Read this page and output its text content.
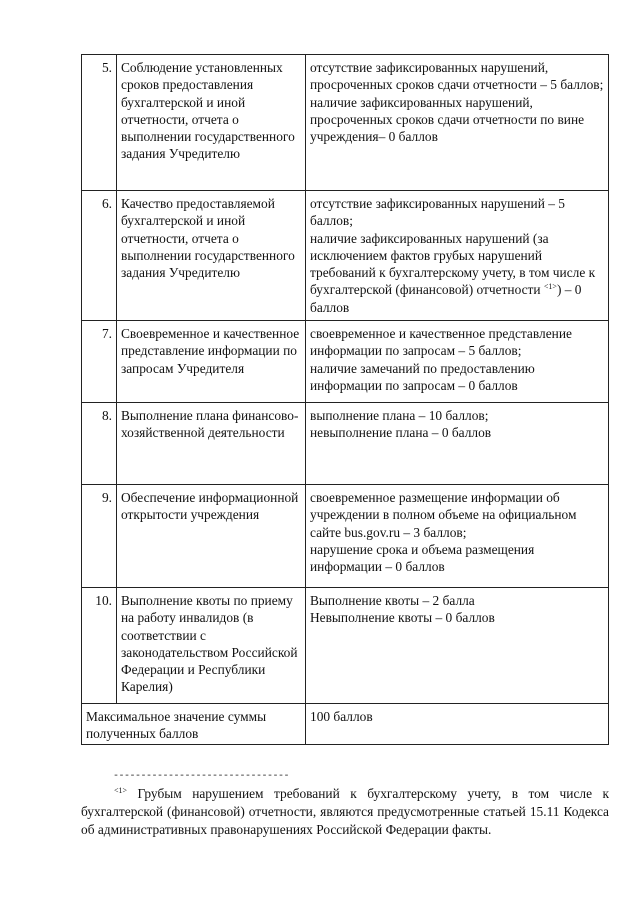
5.	Соблюдение установленных сроков предоставления бухгалтерской и иной отчетности, отчета о выполнении государственного задания Учредителю	отсутствие зафиксированных нарушений, просроченных сроков сдачи отчетности – 5 баллов;
наличие зафиксированных нарушений, просроченных сроков сдачи отчетности по вине учреждения– 0 баллов
6.	Качество предоставляемой бухгалтерской и иной отчетности, отчета о выполнении государственного задания Учредителю	отсутствие зафиксированных нарушений – 5 баллов;
наличие зафиксированных нарушений (за исключением фактов грубых нарушений требований к бухгалтерскому учету, в том числе к бухгалтерской (финансовой) отчетности $^{<1>}$) – 0 баллов
7.	Своевременное и качественное представление информации по запросам Учредителя	своевременное и качественное представление информации по запросам – 5 баллов;
наличие замечаний по предоставлению информации по запросам – 0 баллов
8.	Выполнение плана финансово-хозяйственной деятельности	выполнение плана – 10 баллов;
невыполнение плана – 0 баллов
9.	Обеспечение информационной открытости учреждения	своевременное размещение информации об учреждении в полном объеме на официальном сайте bus.gov.ru – 3 баллов;
нарушение срока и объема размещения информации – 0 баллов
10.	Выполнение квоты по приему на работу инвалидов (в соответствии с законодательством Российской Федерации и Республики Карелия)	Выполнение квоты – 2 балла
Невыполнение квоты – 0 баллов
Максимальное значение суммы полученных баллов		100 баллов
--------------------------------
$^{<1>}$ Грубым нарушением требований к бухгалтерскому учету, в том числе к бухгалтерской (финансовой) отчетности, являются предусмотренные статьей 15.11 Кодекса об административных правонарушениях Российской Федерации факты.
